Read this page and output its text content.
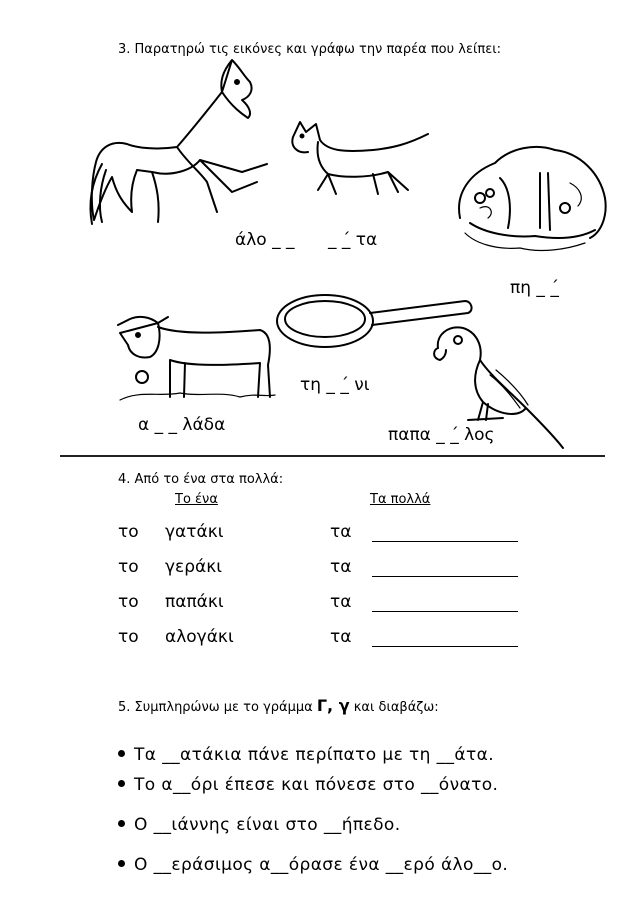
3. Παρατηρώ τις εικόνες και γράφω την παρέα που λείπει:
άλο _ _ _ _́ τα
πη _ _́
α _ _ λάδα
τη _ _́ νι
παπα _ _́ λος
4. Από το ένα στα πολλά:
Το ένα	Τα πολλά
το γατάκι	τα
το γεράκι	τα
το παπάκι	τα
το αλογάκι	τα
5. Συμπληρώνω με το γράμμα Γ, γ και διαβάζω:
Τα __ατάκια πάνε περίπατο με τη __άτα.
Το α__όρι έπεσε και πόνεσε στο __όνατο.
Ο __ιάννης είναι στο __ήπεδο.
Ο __εράσιμος α__όρασε ένα __ερό άλο__ο.
